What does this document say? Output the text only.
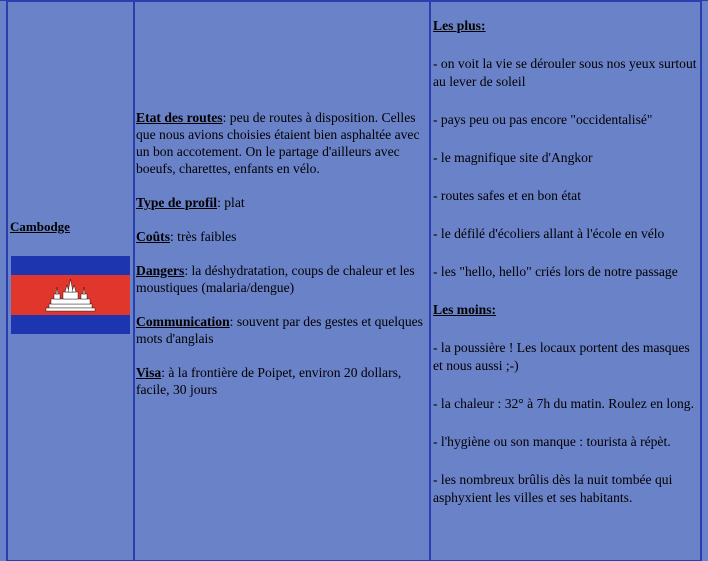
Cambodge

Etat des routes: peu de routes à disposition. Celles que nous avions choisies étaient bien asphaltée avec un bon accotement. On le partage d'ailleurs avec boeufs, charettes, enfants en vélo.

Type de profil: plat

Coûts: très faibles

Dangers: la déshydratation, coups de chaleur et les moustiques (malaria/dengue)

Communication: souvent par des gestes et quelques mots d'anglais

Visa: à la frontière de Poipet, environ 20 dollars, facile, 30 jours

Les plus:

- on voit la vie se dérouler sous nos yeux surtout au lever de soleil

- pays peu ou pas encore "occidentalisé"

- le magnifique site d'Angkor

- routes safes et en bon état

- le défilé d'écoliers allant à l'école en vélo

- les "hello, hello" criés lors de notre passage

Les moins:

- la poussière ! Les locaux portent des masques et nous aussi ;-)

- la chaleur : 32° à 7h du matin. Roulez en long.

- l'hygiène ou son manque : tourista à répèt.

- les nombreux brûlis dès la nuit tombée qui asphyxient les villes et ses habitants.
